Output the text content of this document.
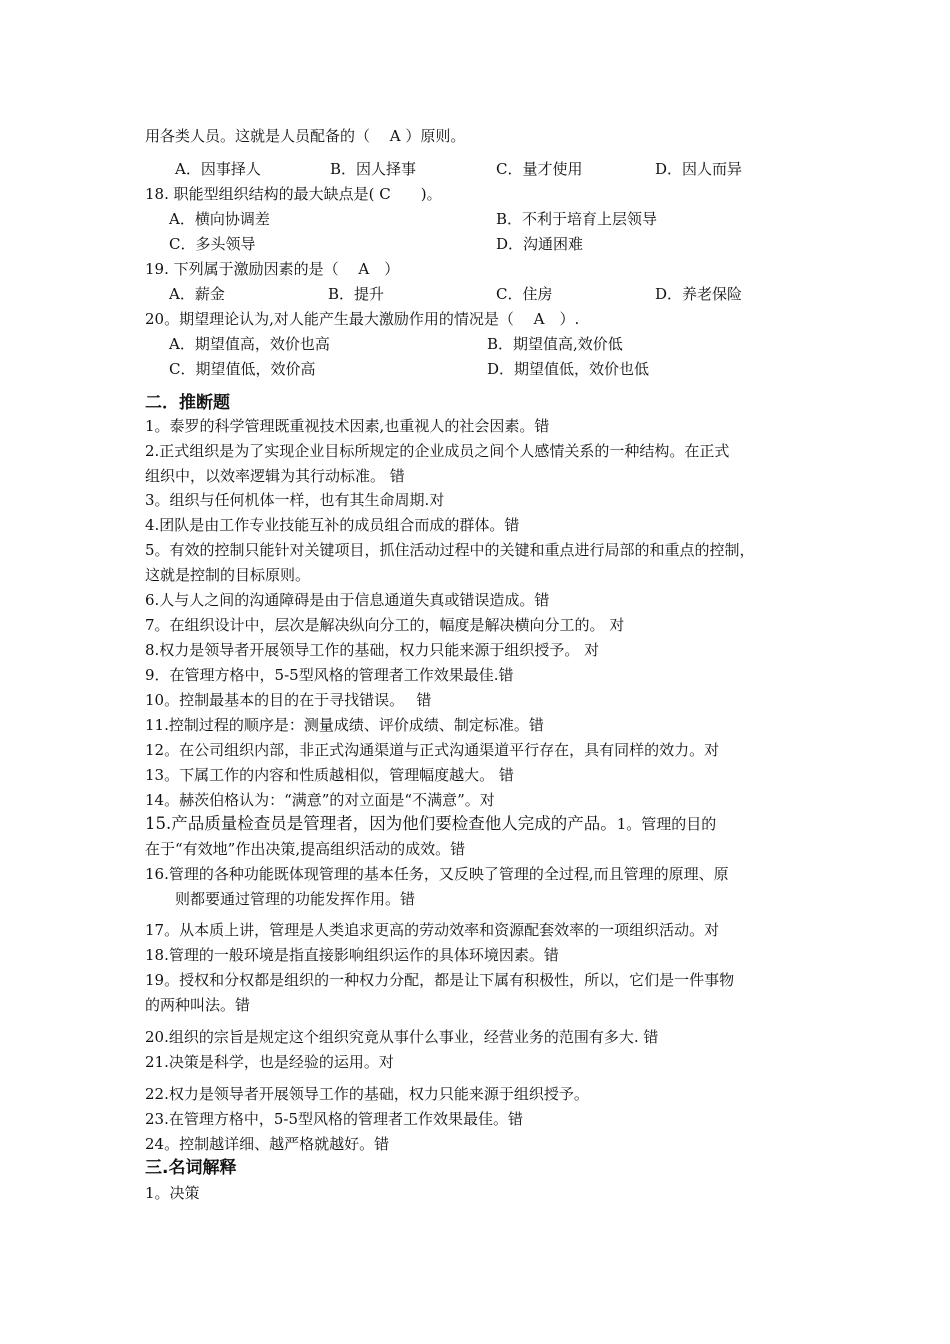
用各类人员。这就是人员配备的（　 A ）原则。
A．因事择人	B．因人择事	C．量才使用	D．因人而异
18. 职能型组织结构的最大缺点是( C　　)。
A．横向协调差	B．不利于培育上层领导
C．多头领导	D．沟通困难
19. 下列属于激励因素的是（　 A　）
A．薪金	B．提升	C．住房	D．养老保险
20。期望理论认为,对人能产生最大激励作用的情况是（　 A　）.
A．期望值高，效价也高	B．期望值高,效价低
C．期望值低，效价高	D．期望值低，效价也低
二．推断题
1。泰罗的科学管理既重视技术因素,也重视人的社会因素。错
2.正式组织是为了实现企业目标所规定的企业成员之间个人感情关系的一种结构。在正式
组织中，以效率逻辑为其行动标准。 错
3。组织与任何机体一样，也有其生命周期.对
4.团队是由工作专业技能互补的成员组合而成的群体。错
5。有效的控制只能针对关键项目，抓住活动过程中的关键和重点进行局部的和重点的控制，
这就是控制的目标原则。
6.人与人之间的沟通障碍是由于信息通道失真或错误造成。错
7。在组织设计中，层次是解决纵向分工的，幅度是解决横向分工的。 对
8.权力是领导者开展领导工作的基础，权力只能来源于组织授予。 对
9．在管理方格中，5-5型风格的管理者工作效果最佳.错
10。控制最基本的目的在于寻找错误。　 错
11.控制过程的顺序是：测量成绩、评价成绩、制定标准。错
12。在公司组织内部，非正式沟通渠道与正式沟通渠道平行存在，具有同样的效力。对
13。下属工作的内容和性质越相似，管理幅度越大。 错
14。赫茨伯格认为：“满意”的对立面是“不满意”。对
15.产品质量检查员是管理者，因为他们要检查他人完成的产品。1。管理的目的
在于“有效地”作出决策,提高组织活动的成效。错
16.管理的各种功能既体现管理的基本任务，又反映了管理的全过程,而且管理的原理、原
则都要通过管理的功能发挥作用。错
17。从本质上讲，管理是人类追求更高的劳动效率和资源配套效率的一项组织活动。对
18.管理的一般环境是指直接影响组织运作的具体环境因素。错
19。授权和分权都是组织的一种权力分配，都是让下属有积极性，所以，它们是一件事物
的两种叫法。错
20.组织的宗旨是规定这个组织究竟从事什么事业，经营业务的范围有多大. 错
21.决策是科学，也是经验的运用。对
22.权力是领导者开展领导工作的基础，权力只能来源于组织授予。
23.在管理方格中，5-5型风格的管理者工作效果最佳。错
24。控制越详细、越严格就越好。错
三.名词解释
1。决策
